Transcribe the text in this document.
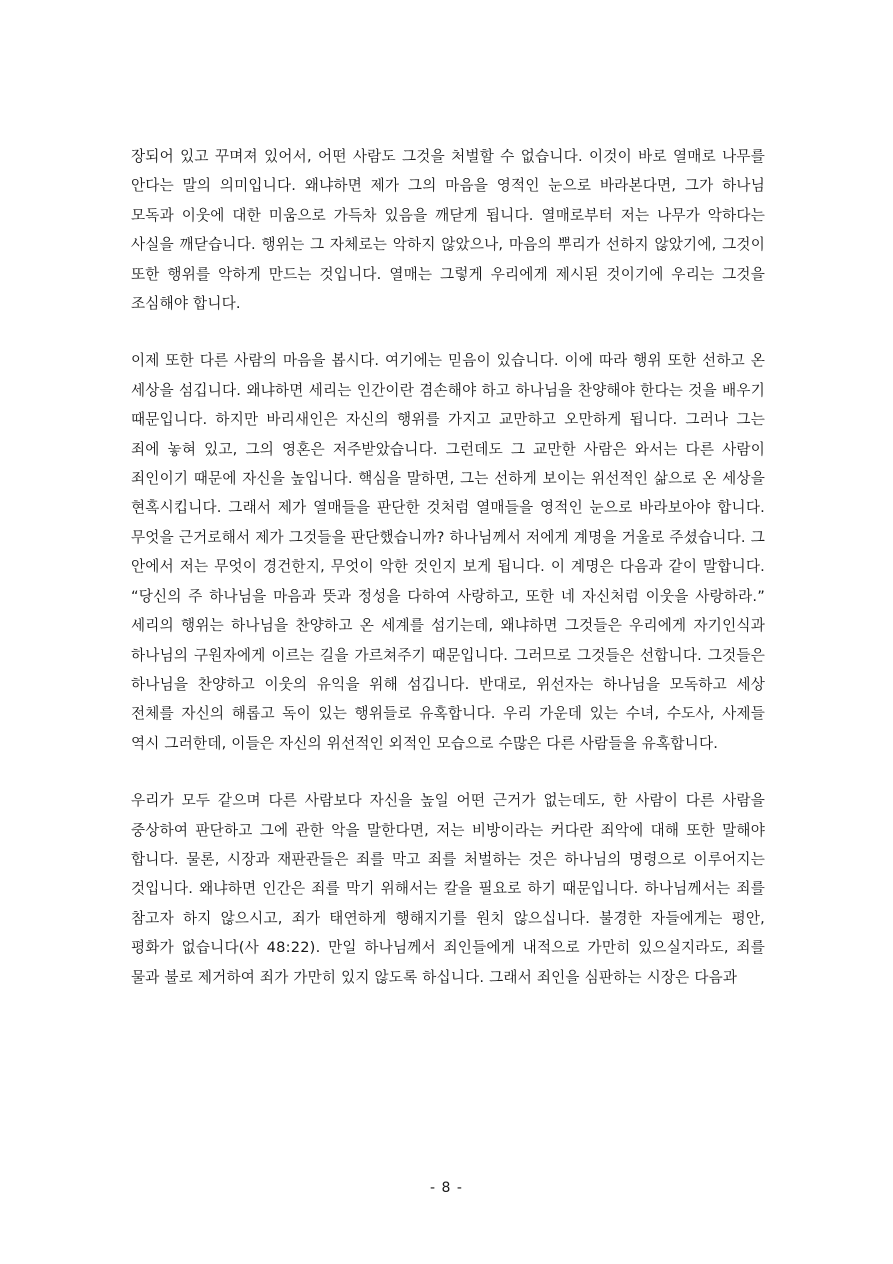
장되어 있고 꾸며져 있어서, 어떤 사람도 그것을 처벌할 수 없습니다. 이것이 바로 열매로 나무를 안다는 말의 의미입니다. 왜냐하면 제가 그의 마음을 영적인 눈으로 바라본다면, 그가 하나님 모독과 이웃에 대한 미움으로 가득차 있음을 깨닫게 됩니다. 열매로부터 저는 나무가 악하다는 사실을 깨닫습니다. 행위는 그 자체로는 악하지 않았으나, 마음의 뿌리가 선하지 않았기에, 그것이 또한 행위를 악하게 만드는 것입니다. 열매는 그렇게 우리에게 제시된 것이기에 우리는 그것을 조심해야 합니다.

이제 또한 다른 사람의 마음을 봅시다. 여기에는 믿음이 있습니다. 이에 따라 행위 또한 선하고 온 세상을 섬깁니다. 왜냐하면 세리는 인간이란 겸손해야 하고 하나님을 찬양해야 한다는 것을 배우기 때문입니다. 하지만 바리새인은 자신의 행위를 가지고 교만하고 오만하게 됩니다. 그러나 그는 죄에 놓혀 있고, 그의 영혼은 저주받았습니다. 그런데도 그 교만한 사람은 와서는 다른 사람이 죄인이기 때문에 자신을 높입니다. 핵심을 말하면, 그는 선하게 보이는 위선적인 삶으로 온 세상을 현혹시킵니다. 그래서 제가 열매들을 판단한 것처럼 열매들을 영적인 눈으로 바라보아야 합니다. 무엇을 근거로해서 제가 그것들을 판단했습니까? 하나님께서 저에게 계명을 거울로 주셨습니다. 그 안에서 저는 무엇이 경건한지, 무엇이 악한 것인지 보게 됩니다. 이 계명은 다음과 같이 말합니다. “당신의 주 하나님을 마음과 뜻과 정성을 다하여 사랑하고, 또한 네 자신처럼 이웃을 사랑하라.” 세리의 행위는 하나님을 찬양하고 온 세계를 섬기는데, 왜냐하면 그것들은 우리에게 자기인식과 하나님의 구원자에게 이르는 길을 가르쳐주기 때문입니다. 그러므로 그것들은 선합니다. 그것들은 하나님을 찬양하고 이웃의 유익을 위해 섬깁니다. 반대로, 위선자는 하나님을 모독하고 세상 전체를 자신의 해롭고 독이 있는 행위들로 유혹합니다. 우리 가운데 있는 수녀, 수도사, 사제들 역시 그러한데, 이들은 자신의 위선적인 외적인 모습으로 수많은 다른 사람들을 유혹합니다.

우리가 모두 같으며 다른 사람보다 자신을 높일 어떤 근거가 없는데도, 한 사람이 다른 사람을 중상하여 판단하고 그에 관한 악을 말한다면, 저는 비방이라는 커다란 죄악에 대해 또한 말해야 합니다. 물론, 시장과 재판관들은 죄를 막고 죄를 처벌하는 것은 하나님의 명령으로 이루어지는 것입니다. 왜냐하면 인간은 죄를 막기 위해서는 칼을 필요로 하기 때문입니다. 하나님께서는 죄를 참고자 하지 않으시고, 죄가 태연하게 행해지기를 원치 않으십니다. 불경한 자들에게는 평안, 평화가 없습니다(사 48:22). 만일 하나님께서 죄인들에게 내적으로 가만히 있으실지라도, 죄를 물과 불로 제거하여 죄가 가만히 있지 않도록 하십니다. 그래서 죄인을 심판하는 시장은 다음과

- 8 -
